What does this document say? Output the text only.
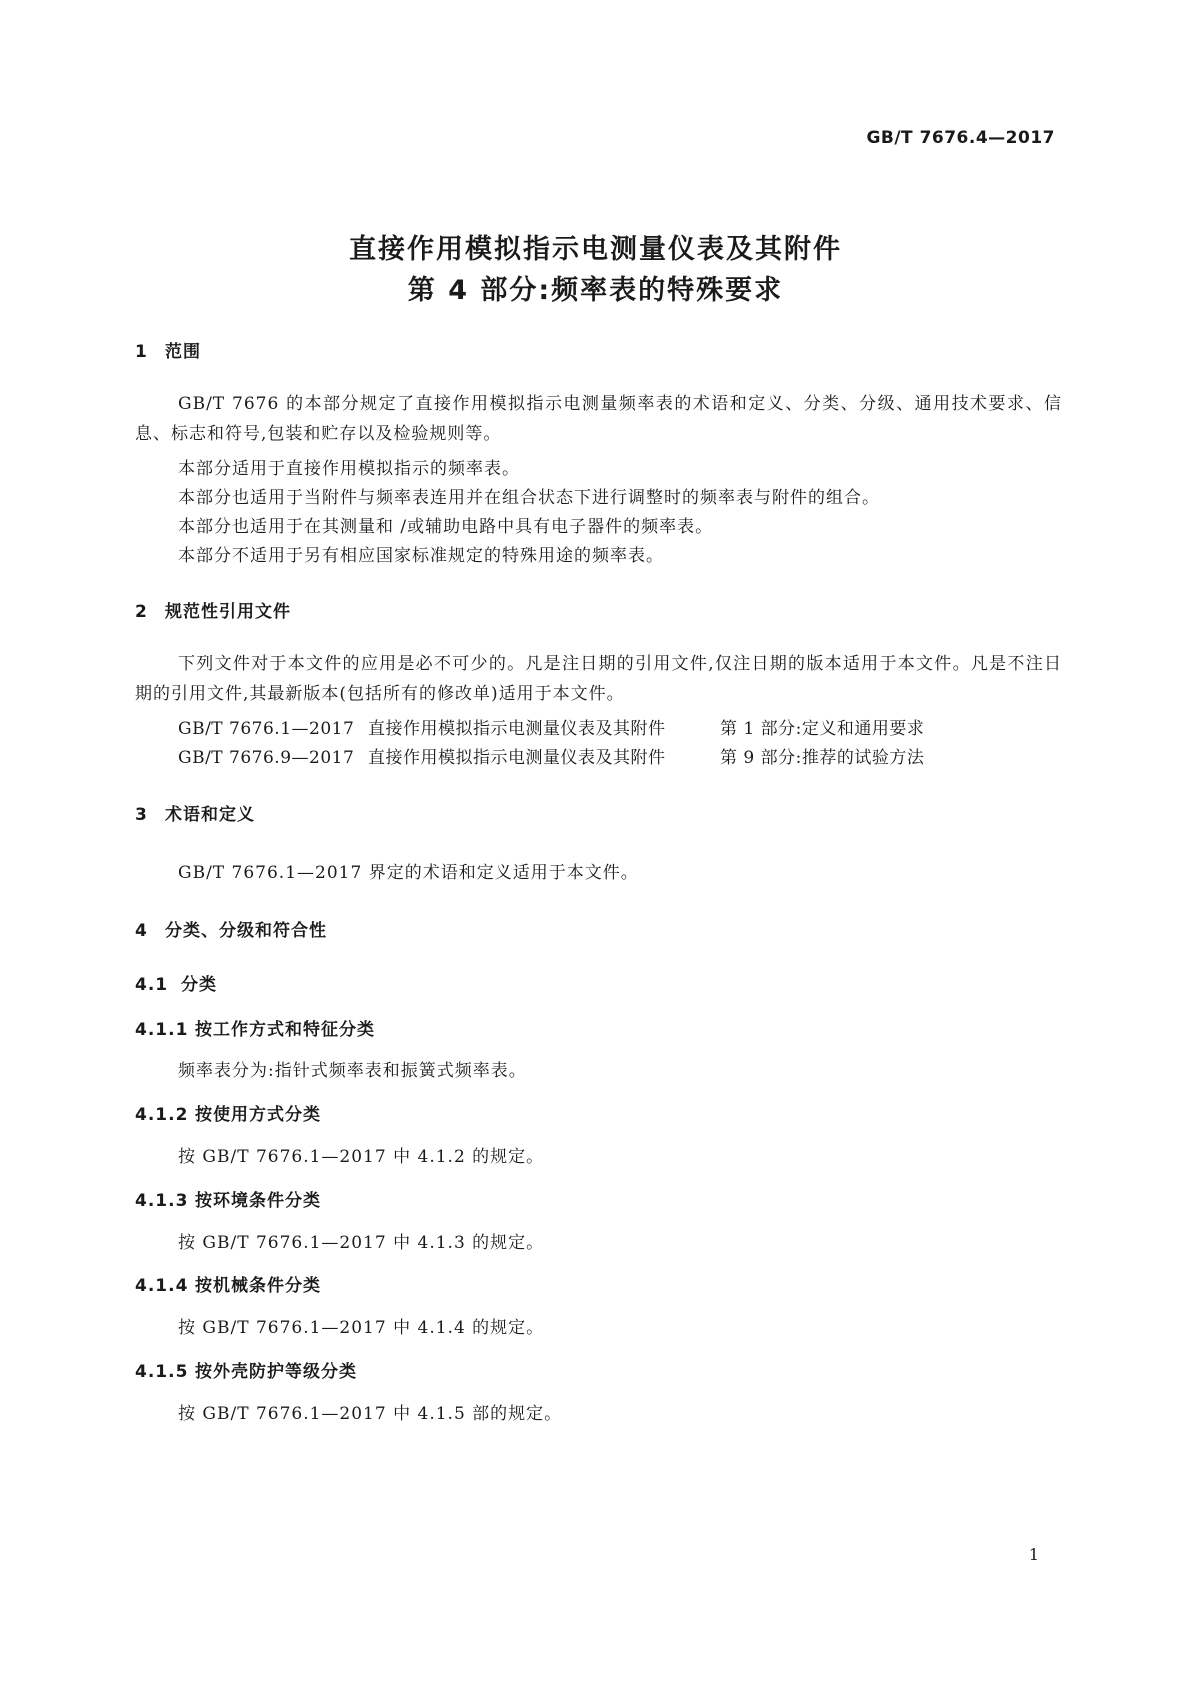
GB/T 7676.4—2017
直接作用模拟指示电测量仪表及其附件
第 4 部分:频率表的特殊要求
1 范围
GB/T 7676 的本部分规定了直接作用模拟指示电测量频率表的术语和定义、分类、分级、通用技术要求、信息、标志和符号,包装和贮存以及检验规则等。
本部分适用于直接作用模拟指示的频率表。
本部分也适用于当附件与频率表连用并在组合状态下进行调整时的频率表与附件的组合。
本部分也适用于在其测量和 /或辅助电路中具有电子器件的频率表。
本部分不适用于另有相应国家标准规定的特殊用途的频率表。
2 规范性引用文件
下列文件对于本文件的应用是必不可少的。凡是注日期的引用文件,仅注日期的版本适用于本文件。凡是不注日期的引用文件,其最新版本(包括所有的修改单)适用于本文件。
GB/T 7676.1—2017 直接作用模拟指示电测量仪表及其附件	第 1 部分:定义和通用要求
GB/T 7676.9—2017 直接作用模拟指示电测量仪表及其附件	第 9 部分:推荐的试验方法
3 术语和定义
GB/T 7676.1—2017 界定的术语和定义适用于本文件。
4 分类、分级和符合性
4.1 分类
4.1.1 按工作方式和特征分类
频率表分为:指针式频率表和振簧式频率表。
4.1.2 按使用方式分类
按 GB/T 7676.1—2017 中 4.1.2 的规定。
4.1.3 按环境条件分类
按 GB/T 7676.1—2017 中 4.1.3 的规定。
4.1.4 按机械条件分类
按 GB/T 7676.1—2017 中 4.1.4 的规定。
4.1.5 按外壳防护等级分类
按 GB/T 7676.1—2017 中 4.1.5 部的规定。
1
